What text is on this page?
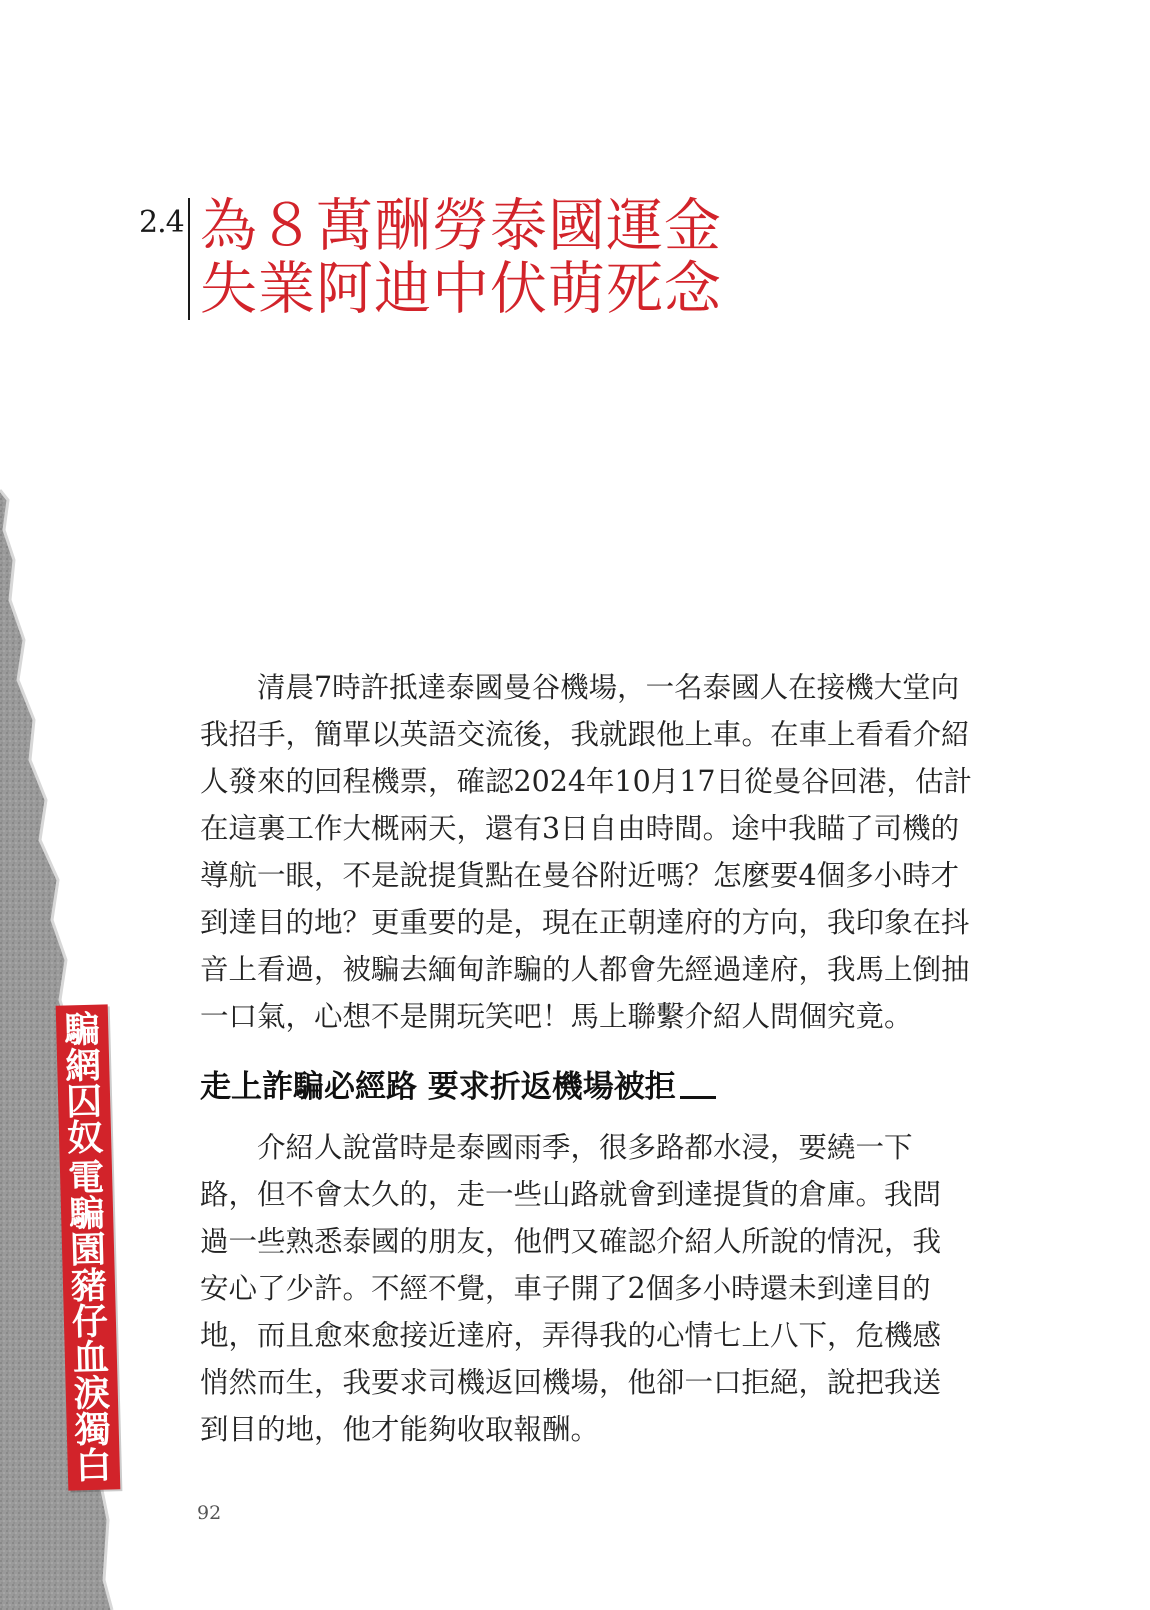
2.4 為８萬酬勞泰國運金
失業阿迪中伏萌死念

清晨7時許抵達泰國曼谷機場，一名泰國人在接機大堂向
我招手，簡單以英語交流後，我就跟他上車。在車上看看介紹
人發來的回程機票，確認2024年10月17日從曼谷回港，估計
在這裏工作大概兩天，還有3日自由時間。途中我瞄了司機的
導航一眼，不是說提貨點在曼谷附近嗎？怎麼要4個多小時才
到達目的地？更重要的是，現在正朝達府的方向，我印象在抖
音上看過，被騙去緬甸詐騙的人都會先經過達府，我馬上倒抽
一口氣，心想不是開玩笑吧！馬上聯繫介紹人問個究竟。

走上詐騙必經路 要求折返機場被拒

介紹人說當時是泰國雨季，很多路都水浸，要繞一下
路，但不會太久的，走一些山路就會到達提貨的倉庫。我問
過一些熟悉泰國的朋友，他們又確認介紹人所說的情況，我
安心了少許。不經不覺，車子開了2個多小時還未到達目的
地，而且愈來愈接近達府，弄得我的心情七上八下，危機感
悄然而生，我要求司機返回機場，他卻一口拒絕，說把我送
到目的地，他才能夠收取報酬。

騙
網
囚
奴
電
騙
園
豬
仔
血
淚
獨
白
92
